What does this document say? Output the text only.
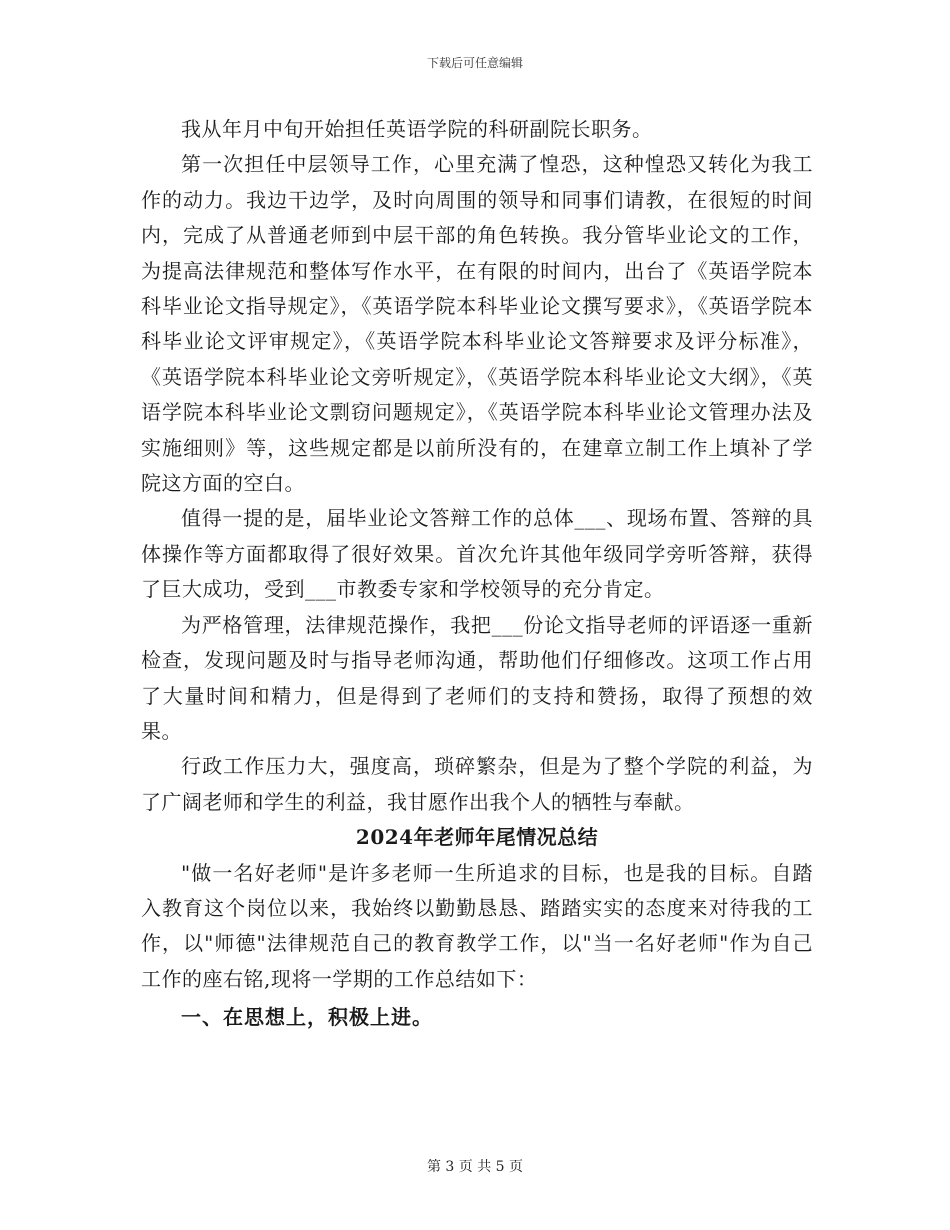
下载后可任意编辑

我从年月中旬开始担任英语学院的科研副院长职务。

第一次担任中层领导工作，心里充满了惶恐，这种惶恐又转化为我工作的动力。我边干边学，及时向周围的领导和同事们请教，在很短的时间内，完成了从普通老师到中层干部的角色转换。我分管毕业论文的工作，为提高法律规范和整体写作水平，在有限的时间内，出台了《英语学院本科毕业论文指导规定》，《英语学院本科毕业论文撰写要求》，《英语学院本科毕业论文评审规定》，《英语学院本科毕业论文答辩要求及评分标准》，《英语学院本科毕业论文旁听规定》，《英语学院本科毕业论文大纲》，《英语学院本科毕业论文剽窃问题规定》，《英语学院本科毕业论文管理办法及实施细则》等，这些规定都是以前所没有的，在建章立制工作上填补了学院这方面的空白。

值得一提的是，届毕业论文答辩工作的总体___、现场布置、答辩的具体操作等方面都取得了很好效果。首次允许其他年级同学旁听答辩，获得了巨大成功，受到___市教委专家和学校领导的充分肯定。

为严格管理，法律规范操作，我把___份论文指导老师的评语逐一重新检查，发现问题及时与指导老师沟通，帮助他们仔细修改。这项工作占用了大量时间和精力，但是得到了老师们的支持和赞扬，取得了预想的效果。

行政工作压力大，强度高，琐碎繁杂，但是为了整个学院的利益，为了广阔老师和学生的利益，我甘愿作出我个人的牺牲与奉献。

2024年老师年尾情况总结

"做一名好老师"是许多老师一生所追求的目标，也是我的目标。自踏入教育这个岗位以来，我始终以勤勤恳恳、踏踏实实的态度来对待我的工作，以"师德"法律规范自己的教育教学工作，以"当一名好老师"作为自己工作的座右铭,现将一学期的工作总结如下：

一、在思想上，积极上进。

第 3 页 共 5 页
